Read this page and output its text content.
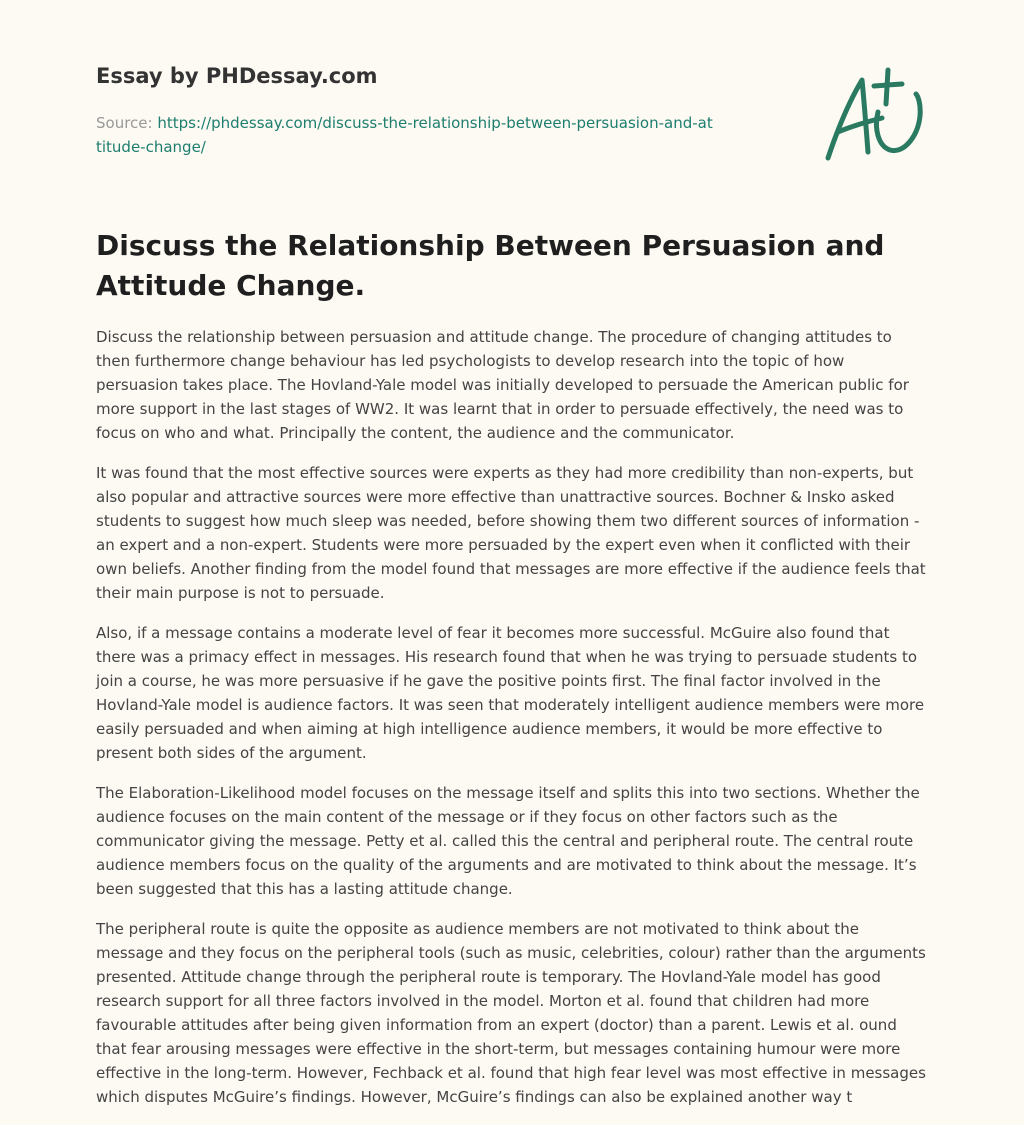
Essay by PHDessay.com
Source: https://phdessay.com/discuss-the-relationship-between-persuasion-and-attitude-change/
Discuss the Relationship Between Persuasion and Attitude Change.

Discuss the relationship between persuasion and attitude change. The procedure of changing attitudes to then furthermore change behaviour has led psychologists to develop research into the topic of how persuasion takes place. The Hovland-Yale model was initially developed to persuade the American public for more support in the last stages of WW2. It was learnt that in order to persuade effectively, the need was to focus on who and what. Principally the content, the audience and the communicator.

It was found that the most effective sources were experts as they had more credibility than non-experts, but also popular and attractive sources were more effective than unattractive sources. Bochner & Insko asked students to suggest how much sleep was needed, before showing them two different sources of information - an expert and a non-expert. Students were more persuaded by the expert even when it conflicted with their own beliefs. Another finding from the model found that messages are more effective if the audience feels that their main purpose is not to persuade.

Also, if a message contains a moderate level of fear it becomes more successful. McGuire also found that there was a primacy effect in messages. His research found that when he was trying to persuade students to join a course, he was more persuasive if he gave the positive points first. The final factor involved in the Hovland-Yale model is audience factors. It was seen that moderately intelligent audience members were more easily persuaded and when aiming at high intelligence audience members, it would be more effective to present both sides of the argument.

The Elaboration-Likelihood model focuses on the message itself and splits this into two sections. Whether the audience focuses on the main content of the message or if they focus on other factors such as the communicator giving the message. Petty et al. called this the central and peripheral route. The central route audience members focus on the quality of the arguments and are motivated to think about the message. It’s been suggested that this has a lasting attitude change.

The peripheral route is quite the opposite as audience members are not motivated to think about the message and they focus on the peripheral tools (such as music, celebrities, colour) rather than the arguments presented. Attitude change through the peripheral route is temporary. The Hovland-Yale model has good research support for all three factors involved in the model. Morton et al. found that children had more favourable attitudes after being given information from an expert (doctor) than a parent. Lewis et al. ound that fear arousing messages were effective in the short-term, but messages containing humour were more effective in the long-term. However, Fechback et al. found that high fear level was most effective in messages which disputes McGuire’s findings. However, McGuire’s findings can also be explained another way t
